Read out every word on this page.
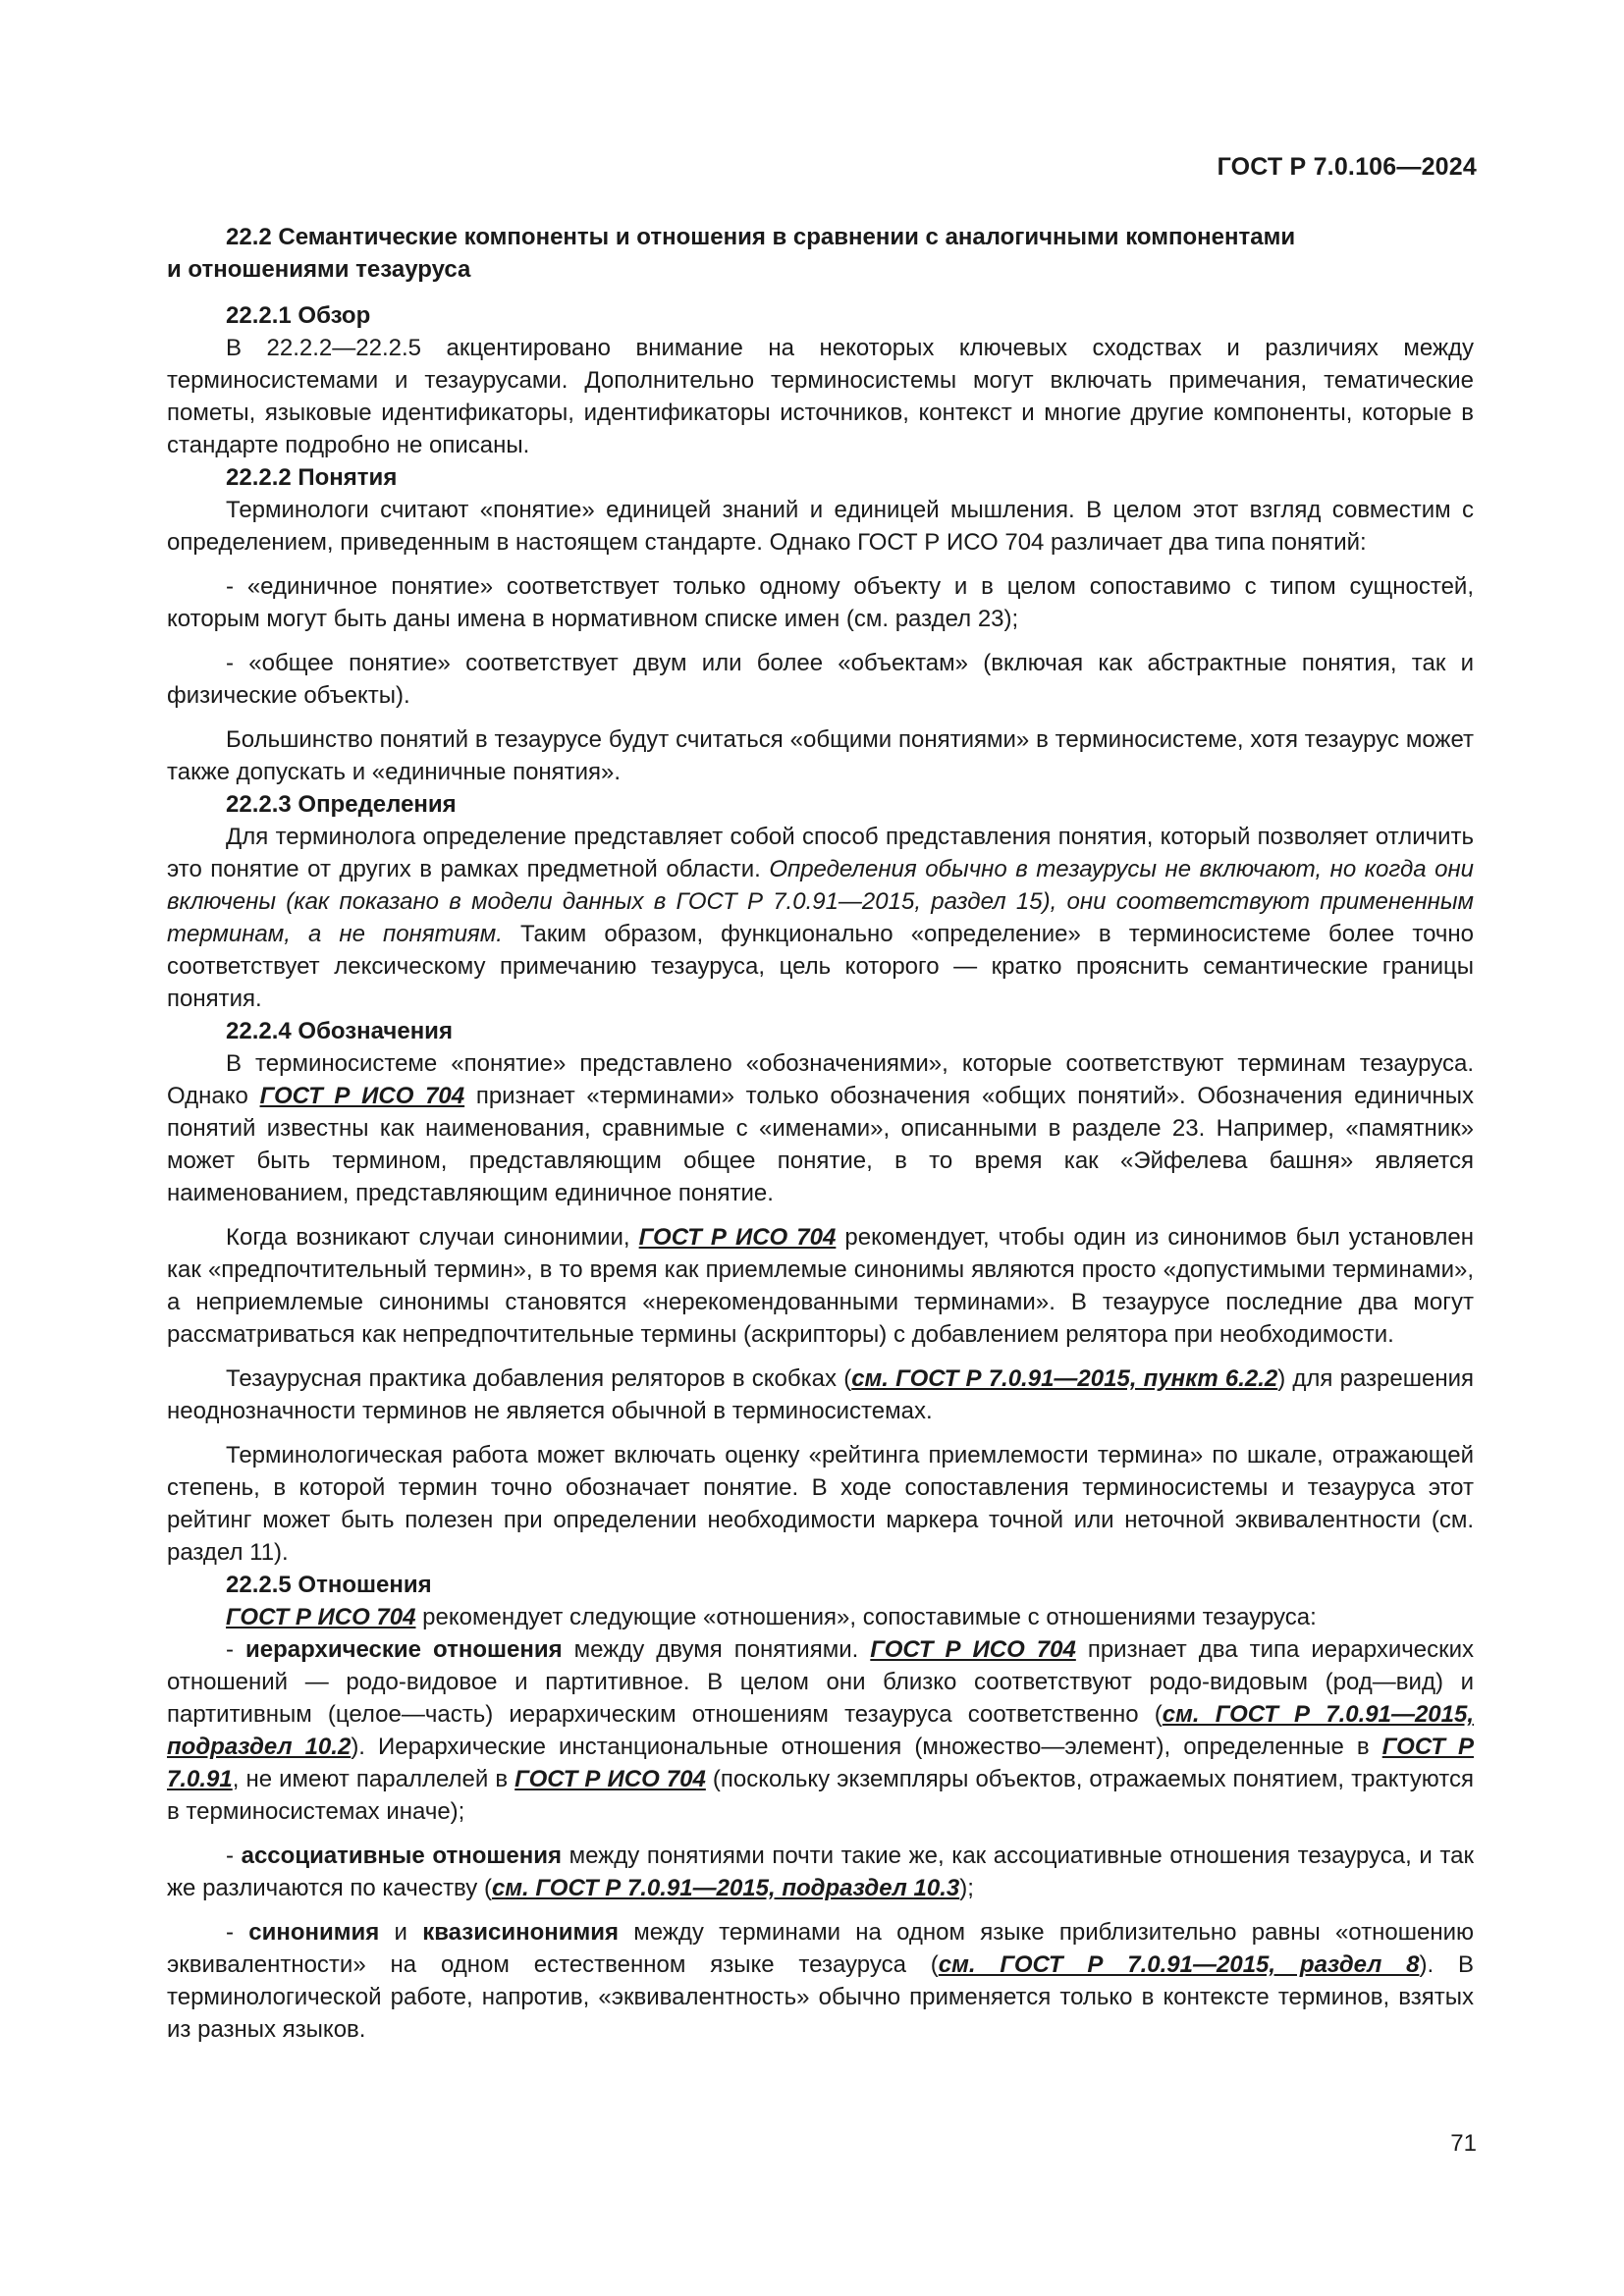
ГОСТ Р 7.0.106—2024

22.2 Семантические компоненты и отношения в сравнении с аналогичными компонентами
и отношениями тезауруса

22.2.1 Обзор

В 22.2.2—22.2.5 акцентировано внимание на некоторых ключевых сходствах и различиях между терминосистемами и тезаурусами. Дополнительно терминосистемы могут включать примечания, тематические пометы, языковые идентификаторы, идентификаторы источников, контекст и многие другие компоненты, которые в стандарте подробно не описаны.

22.2.2 Понятия

Терминологи считают «понятие» единицей знаний и единицей мышления. В целом этот взгляд совместим с определением, приведенным в настоящем стандарте. Однако ГОСТ Р ИСО 704 различает два типа понятий:

- «единичное понятие» соответствует только одному объекту и в целом сопоставимо с типом сущностей, которым могут быть даны имена в нормативном списке имен (см. раздел 23);

- «общее понятие» соответствует двум или более «объектам» (включая как абстрактные понятия, так и физические объекты).

Большинство понятий в тезаурусе будут считаться «общими понятиями» в терминосистеме, хотя тезаурус может также допускать и «единичные понятия».

22.2.3 Определения

Для терминолога определение представляет собой способ представления понятия, который позволяет отличить это понятие от других в рамках предметной области. Определения обычно в тезаурусы не включают, но когда они включены (как показано в модели данных в ГОСТ Р 7.0.91—2015, раздел 15), они соответствуют примененным терминам, а не понятиям. Таким образом, функционально «определение» в терминосистеме более точно соответствует лексическому примечанию тезауруса, цель которого — кратко прояснить семантические границы понятия.

22.2.4 Обозначения

В терминосистеме «понятие» представлено «обозначениями», которые соответствуют терминам тезауруса. Однако ГОСТ Р ИСО 704 признает «терминами» только обозначения «общих понятий». Обозначения единичных понятий известны как наименования, сравнимые с «именами», описанными в разделе 23. Например, «памятник» может быть термином, представляющим общее понятие, в то время как «Эйфелева башня» является наименованием, представляющим единичное понятие.

Когда возникают случаи синонимии, ГОСТ Р ИСО 704 рекомендует, чтобы один из синонимов был установлен как «предпочтительный термин», в то время как приемлемые синонимы являются просто «допустимыми терминами», а неприемлемые синонимы становятся «нерекомендованными терминами». В тезаурусе последние два могут рассматриваться как непредпочтительные термины (аскрипторы) с добавлением релятора при необходимости.

Тезаурусная практика добавления реляторов в скобках (см. ГОСТ Р 7.0.91—2015, пункт 6.2.2) для разрешения неоднозначности терминов не является обычной в терминосистемах.

Терминологическая работа может включать оценку «рейтинга приемлемости термина» по шкале, отражающей степень, в которой термин точно обозначает понятие. В ходе сопоставления терминосистемы и тезауруса этот рейтинг может быть полезен при определении необходимости маркера точной или неточной эквивалентности (см. раздел 11).

22.2.5 Отношения

ГОСТ Р ИСО 704 рекомендует следующие «отношения», сопоставимые с отношениями тезауруса:

- иерархические отношения между двумя понятиями. ГОСТ Р ИСО 704 признает два типа иерархических отношений — родо-видовое и партитивное. В целом они близко соответствуют родо-видовым (род—вид) и партитивным (целое—часть) иерархическим отношениям тезауруса соответственно (см. ГОСТ Р 7.0.91—2015, подраздел 10.2). Иерархические инстанциональные отношения (множество—элемент), определенные в ГОСТ Р 7.0.91, не имеют параллелей в ГОСТ Р ИСО 704 (поскольку экземпляры объектов, отражаемых понятием, трактуются в терминосистемах иначе);

- ассоциативные отношения между понятиями почти такие же, как ассоциативные отношения тезауруса, и так же различаются по качеству (см. ГОСТ Р 7.0.91—2015, подраздел 10.3);

- синонимия и квазисинонимия между терминами на одном языке приблизительно равны «отношению эквивалентности» на одном естественном языке тезауруса (см. ГОСТ Р 7.0.91—2015, раздел 8). В терминологической работе, напротив, «эквивалентность» обычно применяется только в контексте терминов, взятых из разных языков.

71
